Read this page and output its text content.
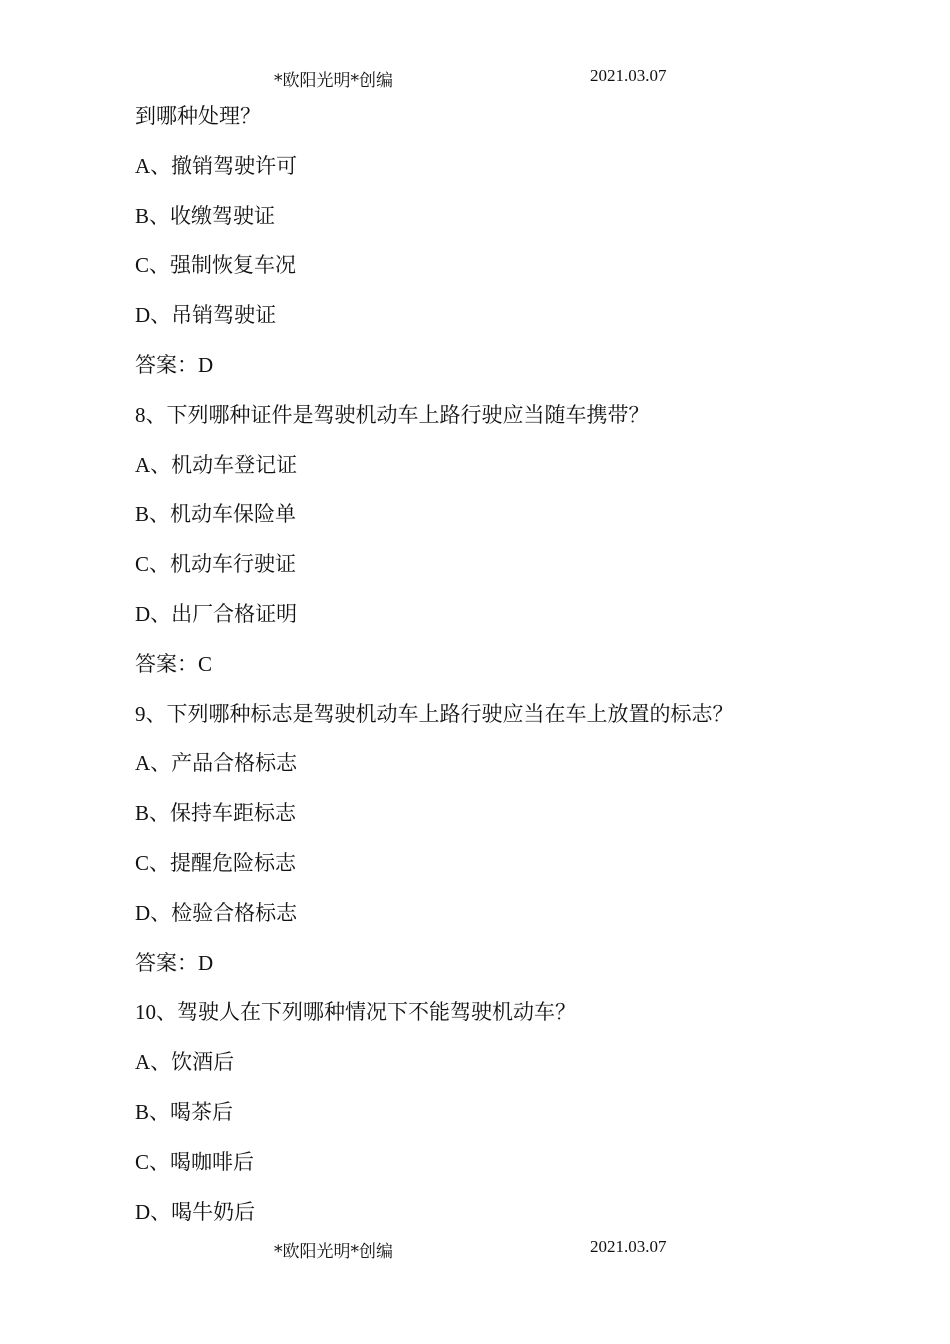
*欧阳光明*创编	2021.03.07
到哪种处理？
A、撤销驾驶许可
B、收缴驾驶证
C、强制恢复车况
D、吊销驾驶证
答案：D
8、下列哪种证件是驾驶机动车上路行驶应当随车携带？
A、机动车登记证
B、机动车保险单
C、机动车行驶证
D、出厂合格证明
答案：C
9、下列哪种标志是驾驶机动车上路行驶应当在车上放置的标志？
A、产品合格标志
B、保持车距标志
C、提醒危险标志
D、检验合格标志
答案：D
10、驾驶人在下列哪种情况下不能驾驶机动车？
A、饮酒后
B、喝茶后
C、喝咖啡后
D、喝牛奶后
*欧阳光明*创编	2021.03.07
